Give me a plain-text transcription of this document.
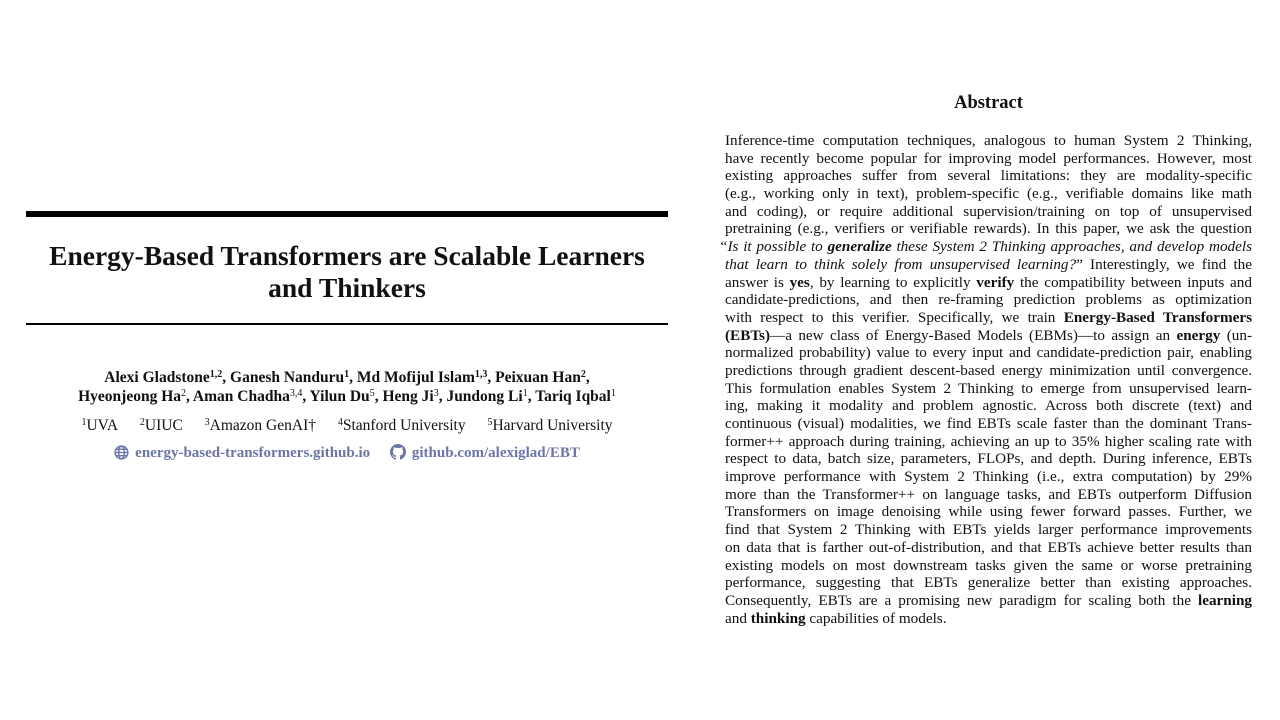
Energy-Based Transformers are Scalable Learners and Thinkers
Alexi Gladstone$^{1,2}$, Ganesh Nanduru$^1$, Md Mofijul Islam$^{1,3}$, Peixuan Han$^2$,
Hyeonjeong Ha$^2$, Aman Chadha$^{3,4}$, Yilun Du$^5$, Heng Ji$^3$, Jundong Li$^1$, Tariq Iqbal$^1$
$^1$UVA $^2$UIUC $^3$Amazon GenAI† $^4$Stanford University $^5$Harvard University
energy-based-transformers.github.io	github.com/alexiglad/EBT
Abstract
Inference-time computation techniques, analogous to human System 2 Thinking,
have recently become popular for improving model performances. However, most
existing approaches suffer from several limitations: they are modality-specific
(e.g., working only in text), problem-specific (e.g., verifiable domains like math
and coding), or require additional supervision/training on top of unsupervised
pretraining (e.g., verifiers or verifiable rewards). In this paper, we ask the question
“Is it possible to generalize these System 2 Thinking approaches, and develop models
that learn to think solely from unsupervised learning?” Interestingly, we find the
answer is yes, by learning to explicitly verify the compatibility between inputs and
candidate-predictions, and then re-framing prediction problems as optimization
with respect to this verifier. Specifically, we train Energy-Based Transformers
(EBTs)—a new class of Energy-Based Models (EBMs)—to assign an energy (un-
normalized probability) value to every input and candidate-prediction pair, enabling
predictions through gradient descent-based energy minimization until convergence.
This formulation enables System 2 Thinking to emerge from unsupervised learn-
ing, making it modality and problem agnostic. Across both discrete (text) and
continuous (visual) modalities, we find EBTs scale faster than the dominant Trans-
former++ approach during training, achieving an up to 35% higher scaling rate with
respect to data, batch size, parameters, FLOPs, and depth. During inference, EBTs
improve performance with System 2 Thinking (i.e., extra computation) by 29%
more than the Transformer++ on language tasks, and EBTs outperform Diffusion
Transformers on image denoising while using fewer forward passes. Further, we
find that System 2 Thinking with EBTs yields larger performance improvements
on data that is farther out-of-distribution, and that EBTs achieve better results than
existing models on most downstream tasks given the same or worse pretraining
performance, suggesting that EBTs generalize better than existing approaches.
Consequently, EBTs are a promising new paradigm for scaling both the learning
and thinking capabilities of models.
